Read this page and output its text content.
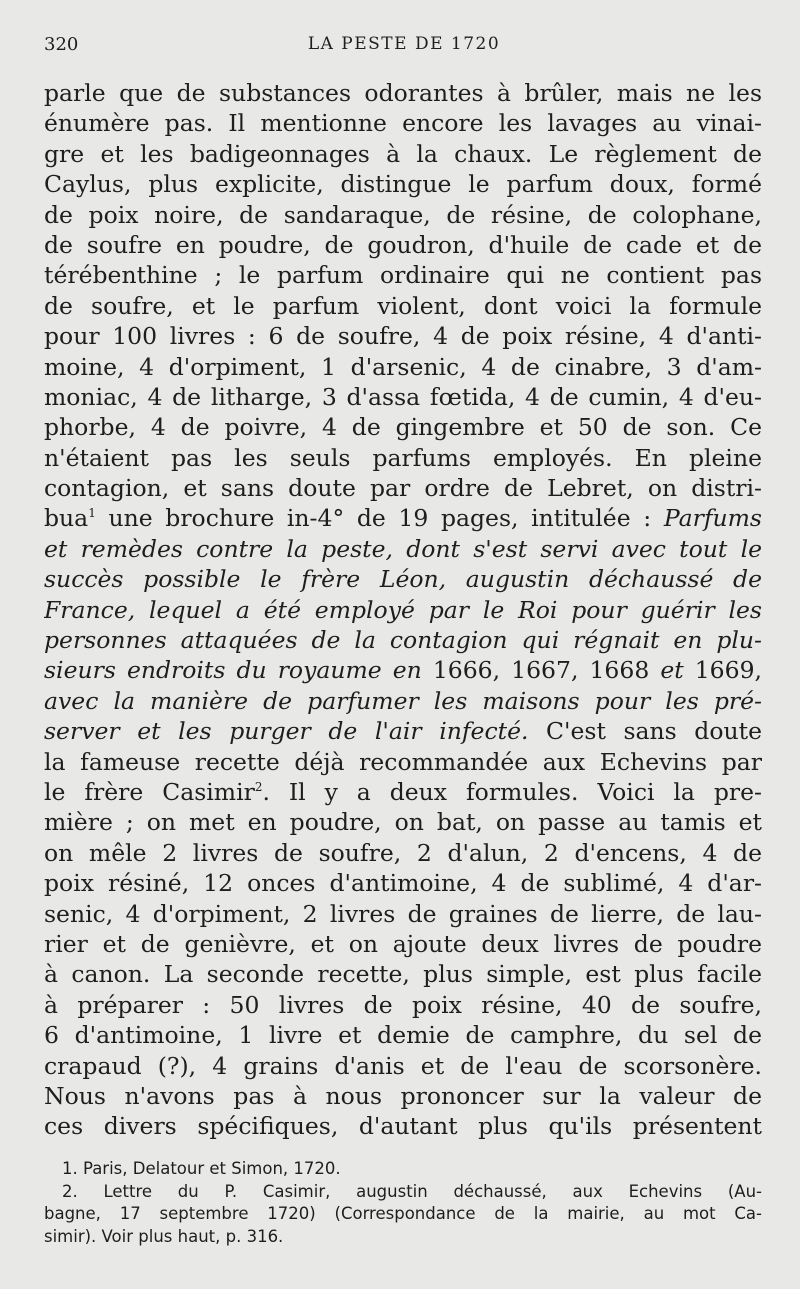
320	LA PESTE DE 1720
parle que de substances odorantes à brûler, mais ne les
énumère pas. Il mentionne encore les lavages au vinai-
gre et les badigeonnages à la chaux. Le règlement de
Caylus, plus explicite, distingue le parfum doux, formé
de poix noire, de sandaraque, de résine, de colophane,
de soufre en poudre, de goudron, d'huile de cade et de
térébenthine ; le parfum ordinaire qui ne contient pas
de soufre, et le parfum violent, dont voici la formule
pour 100 livres : 6 de soufre, 4 de poix résine, 4 d'anti-
moine, 4 d'orpiment, 1 d'arsenic, 4 de cinabre, 3 d'am-
moniac, 4 de litharge, 3 d'assa fœtida, 4 de cumin, 4 d'eu-
phorbe, 4 de poivre, 4 de gingembre et 50 de son. Ce
n'étaient pas les seuls parfums employés. En pleine
contagion, et sans doute par ordre de Lebret, on distri-
bua$^1$ une brochure in-4° de 19 pages, intitulée : Parfums
et remèdes contre la peste, dont s'est servi avec tout le
succès possible le frère Léon, augustin déchaussé de
France, lequel a été employé par le Roi pour guérir les
personnes attaquées de la contagion qui régnait en plu-
sieurs endroits du royaume en 1666, 1667, 1668 et 1669,
avec la manière de parfumer les maisons pour les pré-
server et les purger de l'air infecté. C'est sans doute
la fameuse recette déjà recommandée aux Echevins par
le frère Casimir$^2$. Il y a deux formules. Voici la pre-
mière ; on met en poudre, on bat, on passe au tamis et
on mêle 2 livres de soufre, 2 d'alun, 2 d'encens, 4 de
poix résiné, 12 onces d'antimoine, 4 de sublimé, 4 d'ar-
senic, 4 d'orpiment, 2 livres de graines de lierre, de lau-
rier et de genièvre, et on ajoute deux livres de poudre
à canon. La seconde recette, plus simple, est plus facile
à préparer : 50 livres de poix résine, 40 de soufre,
6 d'antimoine, 1 livre et demie de camphre, du sel de
crapaud (?), 4 grains d'anis et de l'eau de scorsonère.
Nous n'avons pas à nous prononcer sur la valeur de
ces divers spécifiques, d'autant plus qu'ils présentent
1. Paris, Delatour et Simon, 1720.
2. Lettre du P. Casimir, augustin déchaussé, aux Echevins (Au-
bagne, 17 septembre 1720) (Correspondance de la mairie, au mot Ca-
simir). Voir plus haut, p. 316.
